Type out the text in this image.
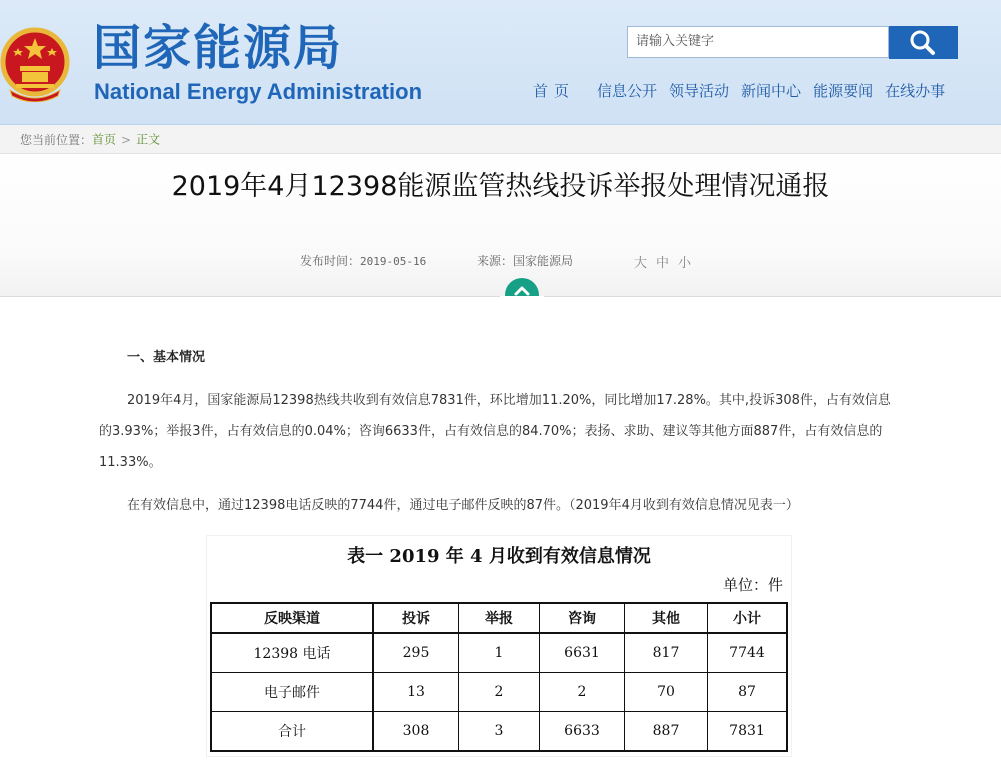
国家能源局
National Energy Administration
请输入关键字
首页 信息公开 领导活动 新闻中心 能源要闻 在线办事
您当前位置：首页 > 正文
2019年4月12398能源监管热线投诉举报处理情况通报
发布时间：2019-05-16	来源：国家能源局	大 中 小
一、基本情况
2019年4月，国家能源局12398热线共收到有效信息7831件，环比增加11.20%，同比增加17.28%。其中,投诉308件，占有效信息
的3.93%；举报3件，占有效信息的0.04%；咨询6633件，占有效信息的84.70%；表扬、求助、建议等其他方面887件，占有效信息的
11.33%。
在有效信息中，通过12398电话反映的7744件，通过电子邮件反映的87件。（2019年4月收到有效信息情况见表一）
表一 2019 年 4 月收到有效信息情况
单位：件
反映渠道	投诉	举报	咨询	其他	小计
12398 电话	295	1	6631	817	7744
电子邮件	13	2	2	70	87
合计	308	3	6633	887	7831
